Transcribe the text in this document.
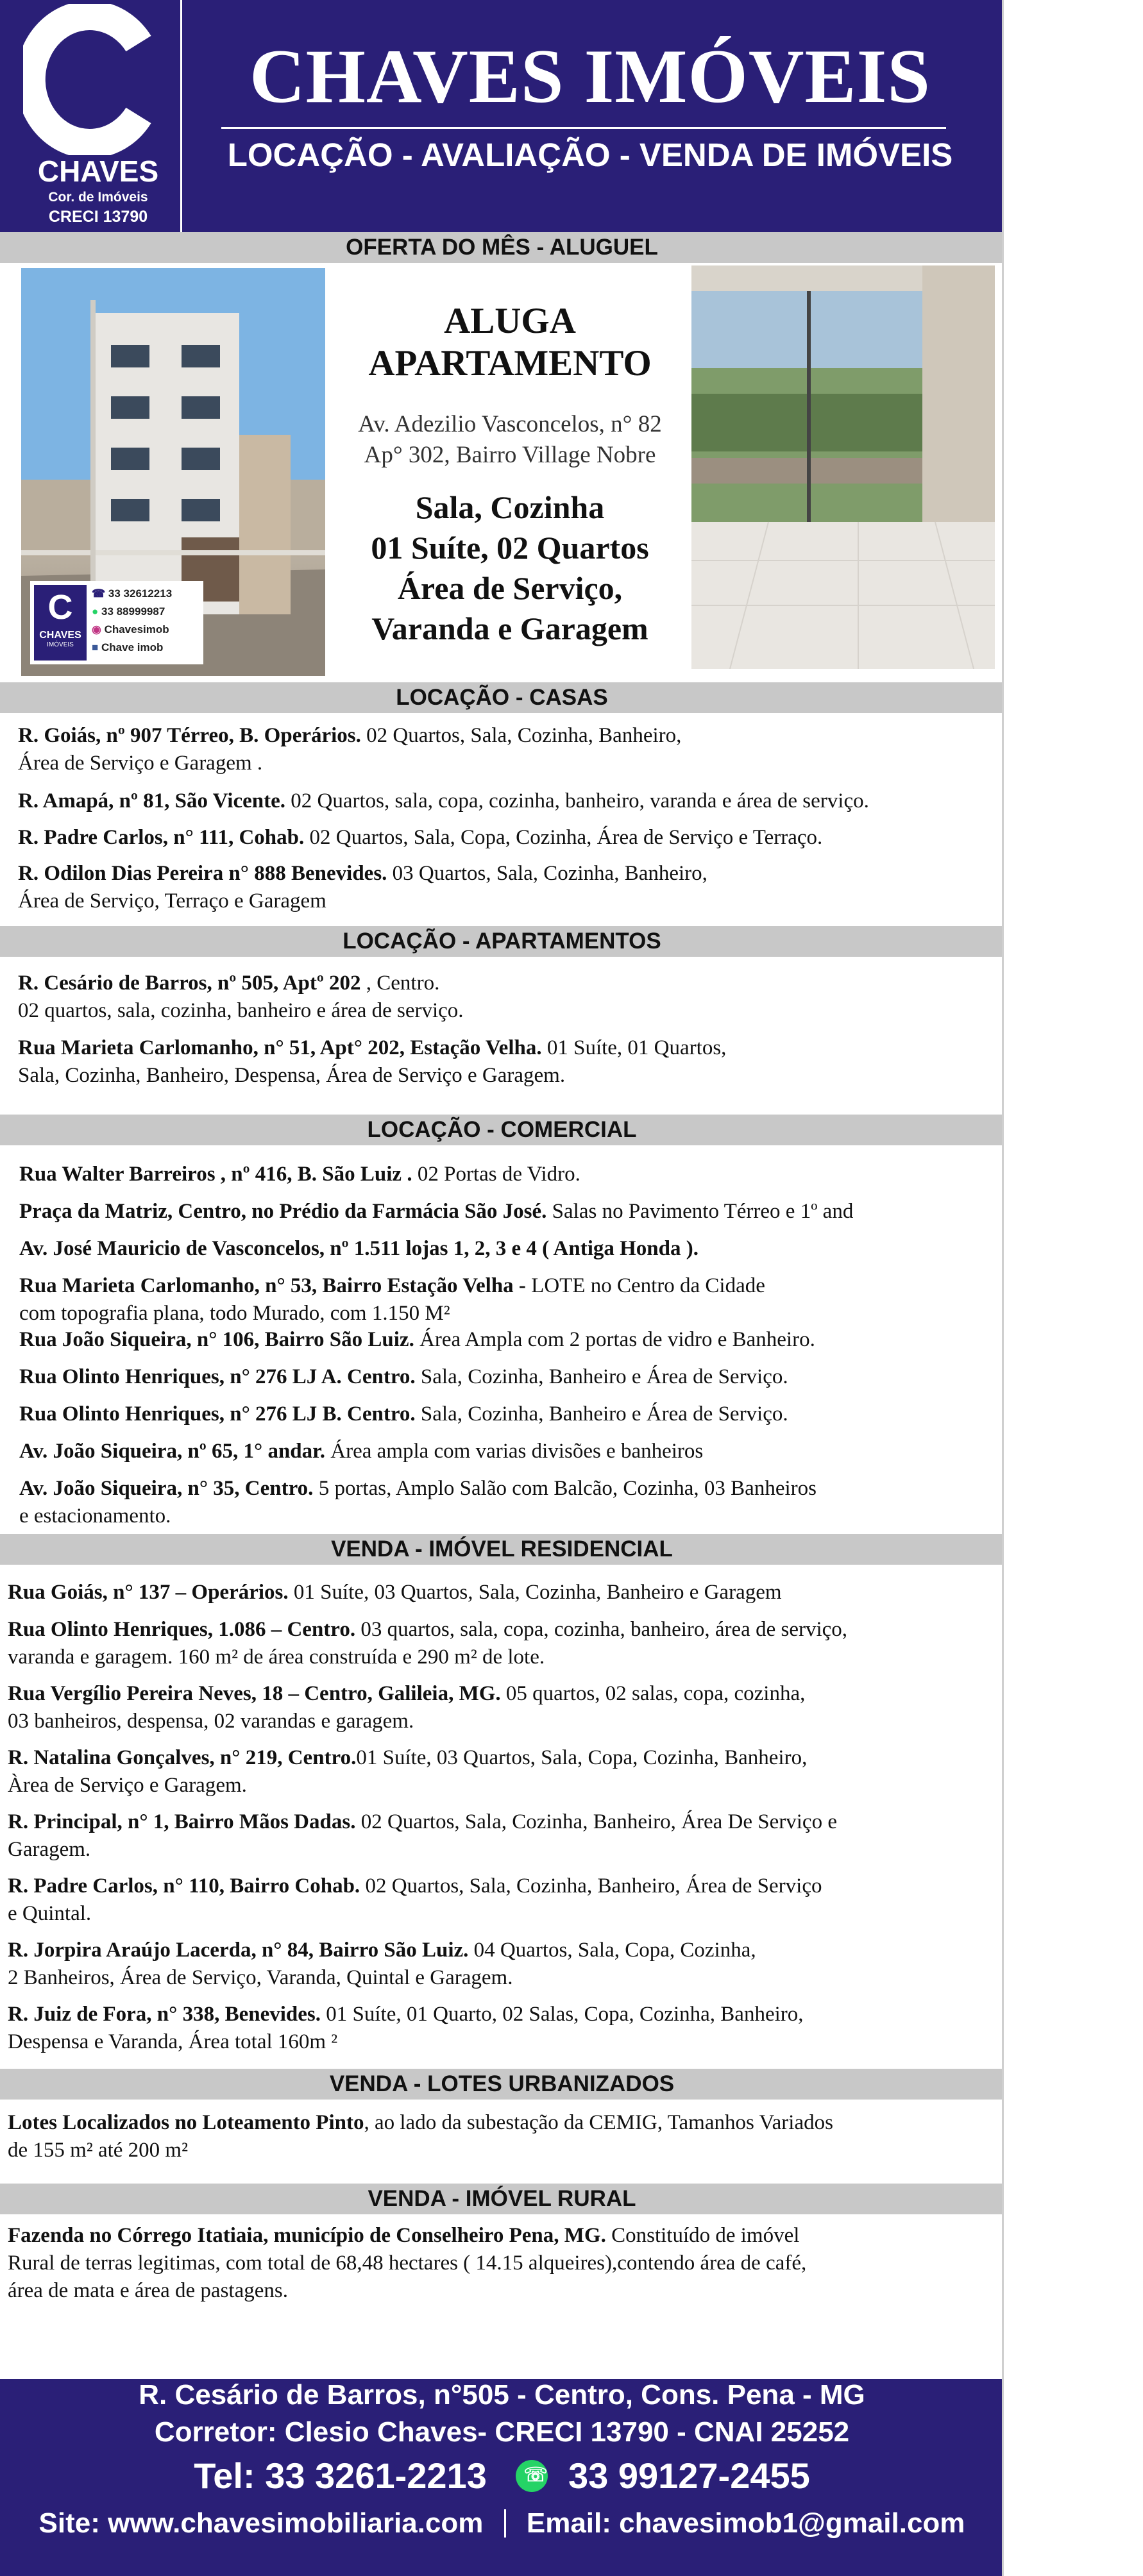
CHAVES
Cor. de Imóveis
CRECI 13790
CHAVES IMÓVEIS
LOCAÇÃO - AVALIAÇÃO - VENDA DE IMÓVEIS
OFERTA DO MÊS - ALUGUEL
C
CHAVES
IMÓVEIS
☎ 33 32612213
● 33 88999987
◉ Chavesimob
■ Chave imob
ALUGA
APARTAMENTO
Av. Adezilio Vasconcelos, n° 82
Ap° 302, Bairro Village Nobre
Sala, Cozinha
01 Suíte, 02 Quartos
Área de Serviço,
Varanda e Garagem
LOCAÇÃO - CASAS
R. Goiás, nº 907 Térreo, B. Operários. 02 Quartos, Sala, Cozinha, Banheiro,
Área de Serviço e Garagem .
R. Amapá, nº 81, São Vicente. 02 Quartos, sala, copa, cozinha, banheiro, varanda e área de serviço.
R. Padre Carlos, n° 111, Cohab. 02 Quartos, Sala, Copa, Cozinha, Área de Serviço e Terraço.
R. Odilon Dias Pereira n° 888 Benevides. 03 Quartos, Sala, Cozinha, Banheiro,
Área de Serviço, Terraço e Garagem
LOCAÇÃO - APARTAMENTOS
R. Cesário de Barros, nº 505, Aptº 202 , Centro.
02 quartos, sala, cozinha, banheiro e área de serviço.
Rua Marieta Carlomanho, n° 51, Apt° 202, Estação Velha. 01 Suíte, 01 Quartos,
Sala, Cozinha, Banheiro, Despensa, Área de Serviço e Garagem.
LOCAÇÃO - COMERCIAL
Rua Walter Barreiros , nº 416, B. São Luiz . 02 Portas de Vidro.
Praça da Matriz, Centro, no Prédio da Farmácia São José. Salas no Pavimento Térreo e 1º and
Av. José Mauricio de Vasconcelos, nº 1.511 lojas 1, 2, 3 e 4 ( Antiga Honda ).
Rua Marieta Carlomanho, n° 53, Bairro Estação Velha - LOTE no Centro da Cidade
com topografia plana, todo Murado, com 1.150 M²
Rua João Siqueira, n° 106, Bairro São Luiz. Área Ampla com 2 portas de vidro e Banheiro.
Rua Olinto Henriques, n° 276 LJ A. Centro. Sala, Cozinha, Banheiro e Área de Serviço.
Rua Olinto Henriques, n° 276 LJ B. Centro. Sala, Cozinha, Banheiro e Área de Serviço.
Av. João Siqueira, nº 65, 1° andar. Área ampla com varias divisões e banheiros
Av. João Siqueira, n° 35, Centro. 5 portas, Amplo Salão com Balcão, Cozinha, 03 Banheiros
e estacionamento.
VENDA - IMÓVEL RESIDENCIAL
Rua Goiás, n° 137 – Operários. 01 Suíte, 03 Quartos, Sala, Cozinha, Banheiro e Garagem
Rua Olinto Henriques, 1.086 – Centro. 03 quartos, sala, copa, cozinha, banheiro, área de serviço,
varanda e garagem. 160 m² de área construída e 290 m² de lote.
Rua Vergílio Pereira Neves, 18 – Centro, Galileia, MG. 05 quartos, 02 salas, copa, cozinha,
03 banheiros, despensa, 02 varandas e garagem.
R. Natalina Gonçalves, n° 219, Centro.01 Suíte, 03 Quartos, Sala, Copa, Cozinha, Banheiro,
Àrea de Serviço e Garagem.
R. Principal, n° 1, Bairro Mãos Dadas. 02 Quartos, Sala, Cozinha, Banheiro, Área De Serviço e
Garagem.
R. Padre Carlos, n° 110, Bairro Cohab. 02 Quartos, Sala, Cozinha, Banheiro, Área de Serviço
e Quintal.
R. Jorpira Araújo Lacerda, n° 84, Bairro São Luiz. 04 Quartos, Sala, Copa, Cozinha,
2 Banheiros, Área de Serviço, Varanda, Quintal e Garagem.
R. Juiz de Fora, n° 338, Benevides. 01 Suíte, 01 Quarto, 02 Salas, Copa, Cozinha, Banheiro,
Despensa e Varanda, Área total 160m ²
VENDA - LOTES URBANIZADOS
Lotes Localizados no Loteamento Pinto, ao lado da subestação da CEMIG, Tamanhos Variados
de 155 m² até 200 m²
VENDA - IMÓVEL RURAL
Fazenda no Córrego Itatiaia, município de Conselheiro Pena, MG. Constituído de imóvel
Rural de terras legitimas, com total de 68,48 hectares ( 14.15 alqueires),contendo área de café,
área de mata e área de pastagens.
R. Cesário de Barros, n°505 - Centro, Cons. Pena - MG
Corretor: Clesio Chaves- CRECI 13790 - CNAI 25252
Tel: 33 3261-2213 ☏ 33 99127-2455
Site: www.chavesimobiliaria.com Email: chavesimob1@gmail.com
